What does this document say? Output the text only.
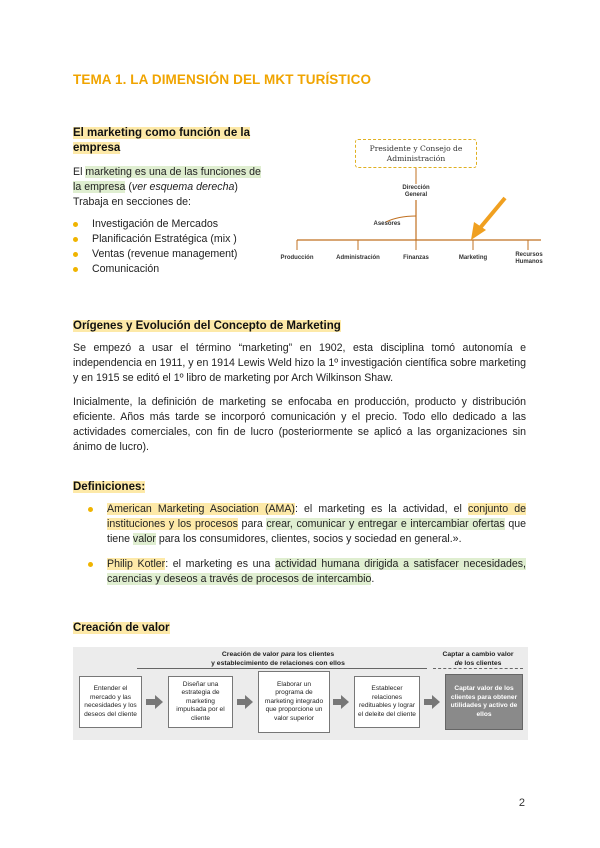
TEMA 1. LA DIMENSIÓN DEL MKT TURÍSTICO
El marketing como función de la
empresa
El marketing es una de las funciones de
la empresa (ver esquema derecha)
Trabaja en secciones de:
Investigación de Mercados
Planificación Estratégica (mix )
Ventas (revenue management)
Comunicación
Presidente y Consejo de
Administración
Dirección
General
Asesores
Producción	Administración	Finanzas	Marketing	Recursos Humanos
Orígenes y Evolución del Concepto de Marketing
Se empezó a usar el término “marketing” en 1902, esta disciplina tomó autonomía e independencia en 1911, y en 1914 Lewis Weld hizo la 1º investigación científica sobre marketing y en 1915 se editó el 1º libro de marketing por Arch Wilkinson Shaw.
Inicialmente, la definición de marketing se enfocaba en producción, producto y distribución eficiente. Años más tarde se incorporó comunicación y el precio. Todo ello dedicado a las actividades comerciales, con fin de lucro (posteriormente se aplicó a las organizaciones sin ánimo de lucro).
Definiciones:
American Marketing Asociation (AMA): el marketing es la actividad, el conjunto de instituciones y los procesos para crear, comunicar y entregar e intercambiar ofertas que tiene valor para los consumidores, clientes, socios y sociedad en general.».
Philip Kotler: el marketing es una actividad humana dirigida a satisfacer necesidades, carencias y deseos a través de procesos de intercambio.
Creación de valor
Creación de valor para los clientes
y establecimiento de relaciones con ellos
Captar a cambio valor
de los clientes
Entender el mercado y las necesidades y los deseos del cliente
Diseñar una estrategia de marketing impulsada por el cliente
Elaborar un programa de marketing integrado que proporcione un valor superior
Establecer relaciones redituables y lograr el deleite del cliente
Captar valor de los clientes para obtener utilidades y activo de ellos
2
